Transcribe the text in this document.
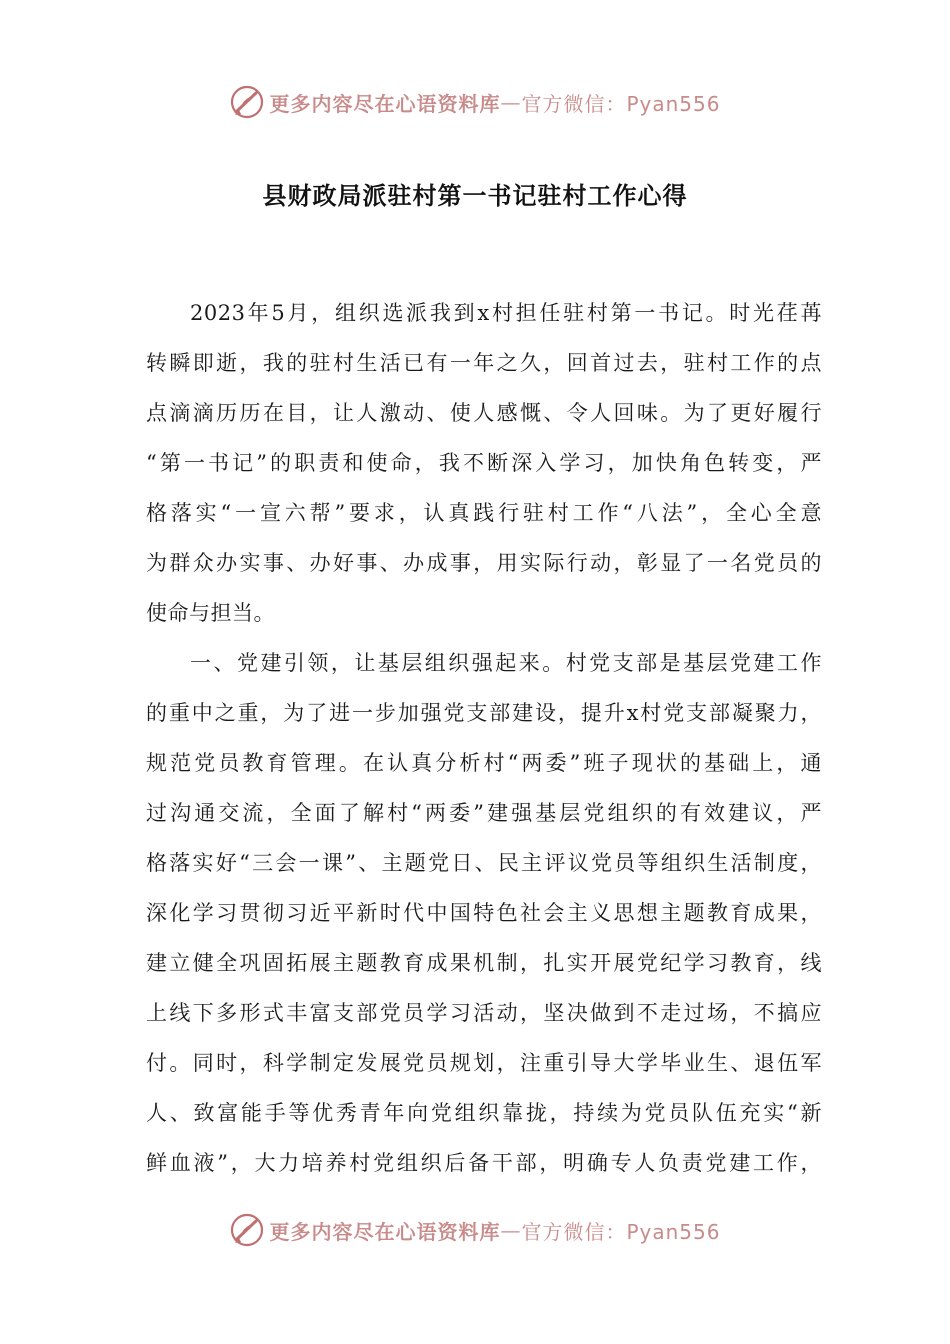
更多内容尽在心语资料库 — 官方微信：Pyan556
县财政局派驻村第一书记驻村工作心得
2023年5月，组织选派我到x村担任驻村第一书记。时光荏苒
转瞬即逝，我的驻村生活已有一年之久，回首过去，驻村工作的点
点滴滴历历在目，让人激动、使人感慨、令人回味。为了更好履行
“第一书记”的职责和使命，我不断深入学习，加快角色转变，严
格落实“一宣六帮”要求，认真践行驻村工作“八法”，全心全意
为群众办实事、办好事、办成事，用实际行动，彰显了一名党员的
使命与担当。
一、党建引领，让基层组织强起来。村党支部是基层党建工作
的重中之重，为了进一步加强党支部建设，提升x村党支部凝聚力，
规范党员教育管理。在认真分析村“两委”班子现状的基础上，通
过沟通交流，全面了解村“两委”建强基层党组织的有效建议，严
格落实好“三会一课”、主题党日、民主评议党员等组织生活制度，
深化学习贯彻习近平新时代中国特色社会主义思想主题教育成果，
建立健全巩固拓展主题教育成果机制，扎实开展党纪学习教育，线
上线下多形式丰富支部党员学习活动，坚决做到不走过场，不搞应
付。同时，科学制定发展党员规划，注重引导大学毕业生、退伍军
人、致富能手等优秀青年向党组织靠拢，持续为党员队伍充实“新
鲜血液”，大力培养村党组织后备干部，明确专人负责党建工作，
更多内容尽在心语资料库 — 官方微信：Pyan556
